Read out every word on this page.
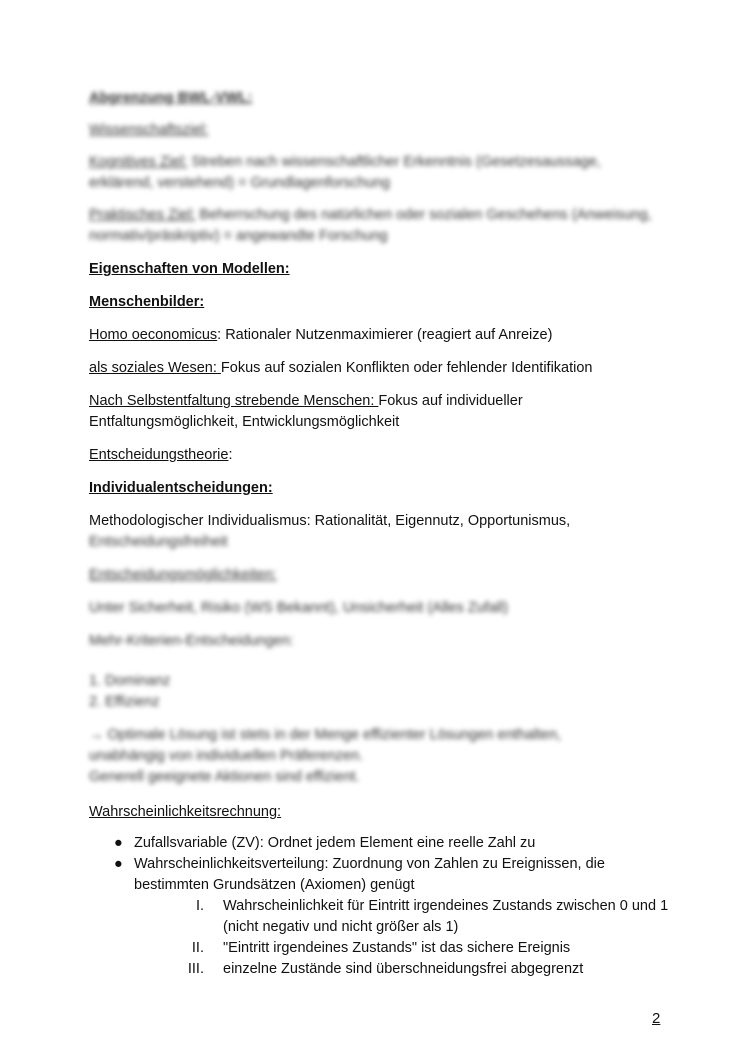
Abgrenzung BWL-VWL:

Wissenschaftsziel:

Kognitives Ziel: Streben nach wissenschaftlicher Erkenntnis (Gesetzesaussage, erklärend, verstehend) = Grundlagenforschung

Praktisches Ziel: Beherrschung des natürlichen oder sozialen Geschehens (Anweisung, normativ/präskriptiv) = angewandte Forschung

Eigenschaften von Modellen:

Menschenbilder:

Homo oeconomicus: Rationaler Nutzenmaximierer (reagiert auf Anreize)

als soziales Wesen: Fokus auf sozialen Konflikten oder fehlender Identifikation

Nach Selbstentfaltung strebende Menschen: Fokus auf individueller Entfaltungsmöglichkeit, Entwicklungsmöglichkeit

Entscheidungstheorie:

Individualentscheidungen:

Methodologischer Individualismus: Rationalität, Eigennutz, Opportunismus,

Entscheidungsfreiheit

Entscheidungsmöglichkeiten:

Unter Sicherheit, Risiko (WS Bekannt), Unsicherheit (Alles Zufall)

Mehr-Kriterien-Entscheidungen:

1. Dominanz

2. Effizienz

→ Optimale Lösung ist stets in der Menge effizienter Lösungen enthalten,

unabhängig von individuellen Präferenzen.

Generell geeignete Aktionen sind effizient.

Wahrscheinlichkeitsrechnung:

● Zufallsvariable (ZV): Ordnet jedem Element eine reelle Zahl zu
● Wahrscheinlichkeitsverteilung: Zuordnung von Zahlen zu Ereignissen, die bestimmten Grundsätzen (Axiomen) genügt
I. Wahrscheinlichkeit für Eintritt irgendeines Zustands zwischen 0 und 1 (nicht negativ und nicht größer als 1)
II. "Eintritt irgendeines Zustands" ist das sichere Ereignis
III. einzelne Zustände sind überschneidungsfrei abgegrenzt
2
